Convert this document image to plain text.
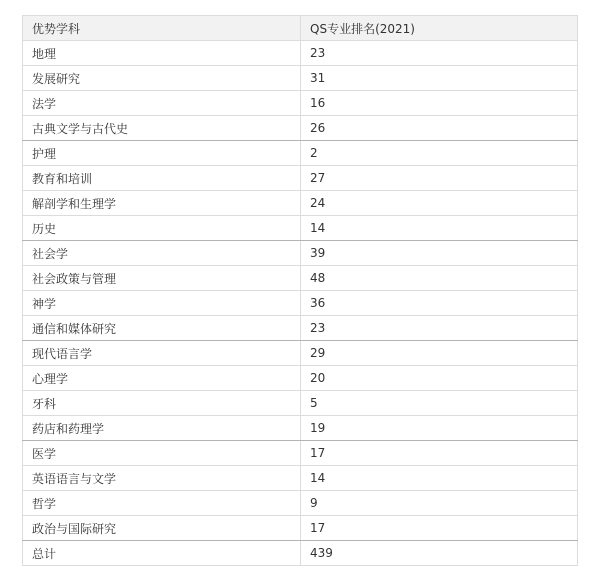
优势学科	QS专业排名(2021)
地理	23
发展研究	31
法学	16
古典文学与古代史	26
护理	2
教育和培训	27
解剖学和生理学	24
历史	14
社会学	39
社会政策与管理	48
神学	36
通信和媒体研究	23
现代语言学	29
心理学	20
牙科	5
药店和药理学	19
医学	17
英语语言与文学	14
哲学	9
政治与国际研究	17
总计	439
